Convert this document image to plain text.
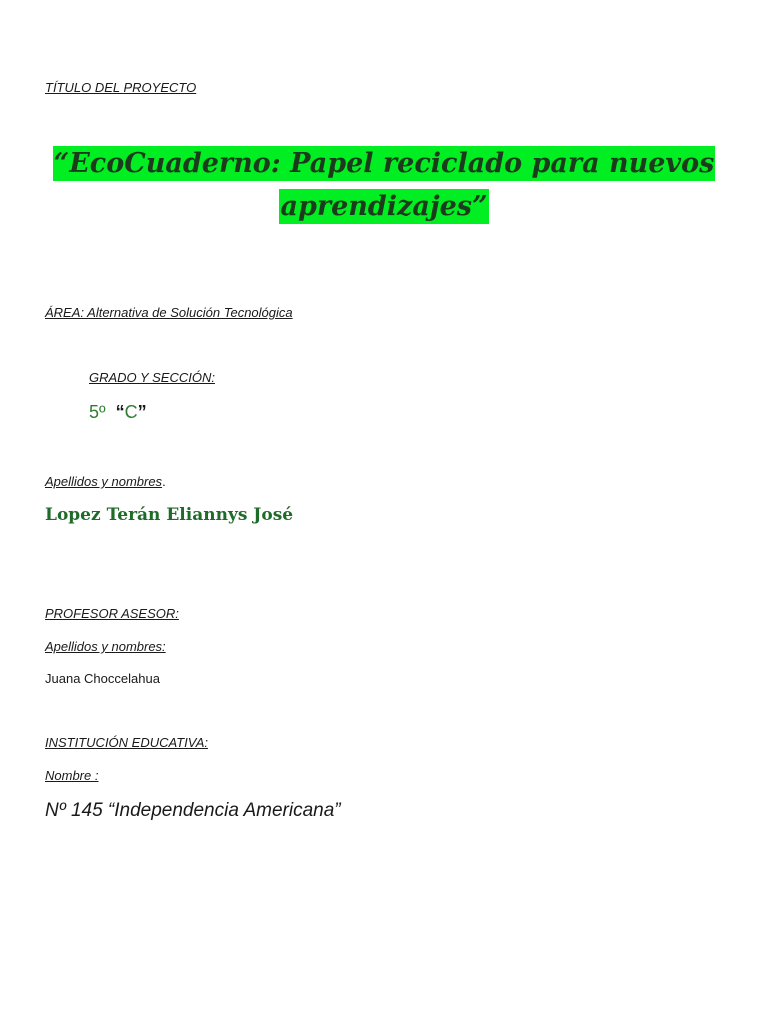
TÍTULO DEL PROYECTO
“EcoCuaderno: Papel reciclado para nuevos aprendizajes”
ÁREA: Alternativa de Solución Tecnológica
GRADO Y SECCIÓN:
5º “C”
Apellidos y nombres.
Lopez Terán Eliannys José
PROFESOR ASESOR:
Apellidos y nombres:
Juana Choccelahua
INSTITUCIÓN EDUCATIVA:
Nombre :
Nº 145 “Independencia Americana”
